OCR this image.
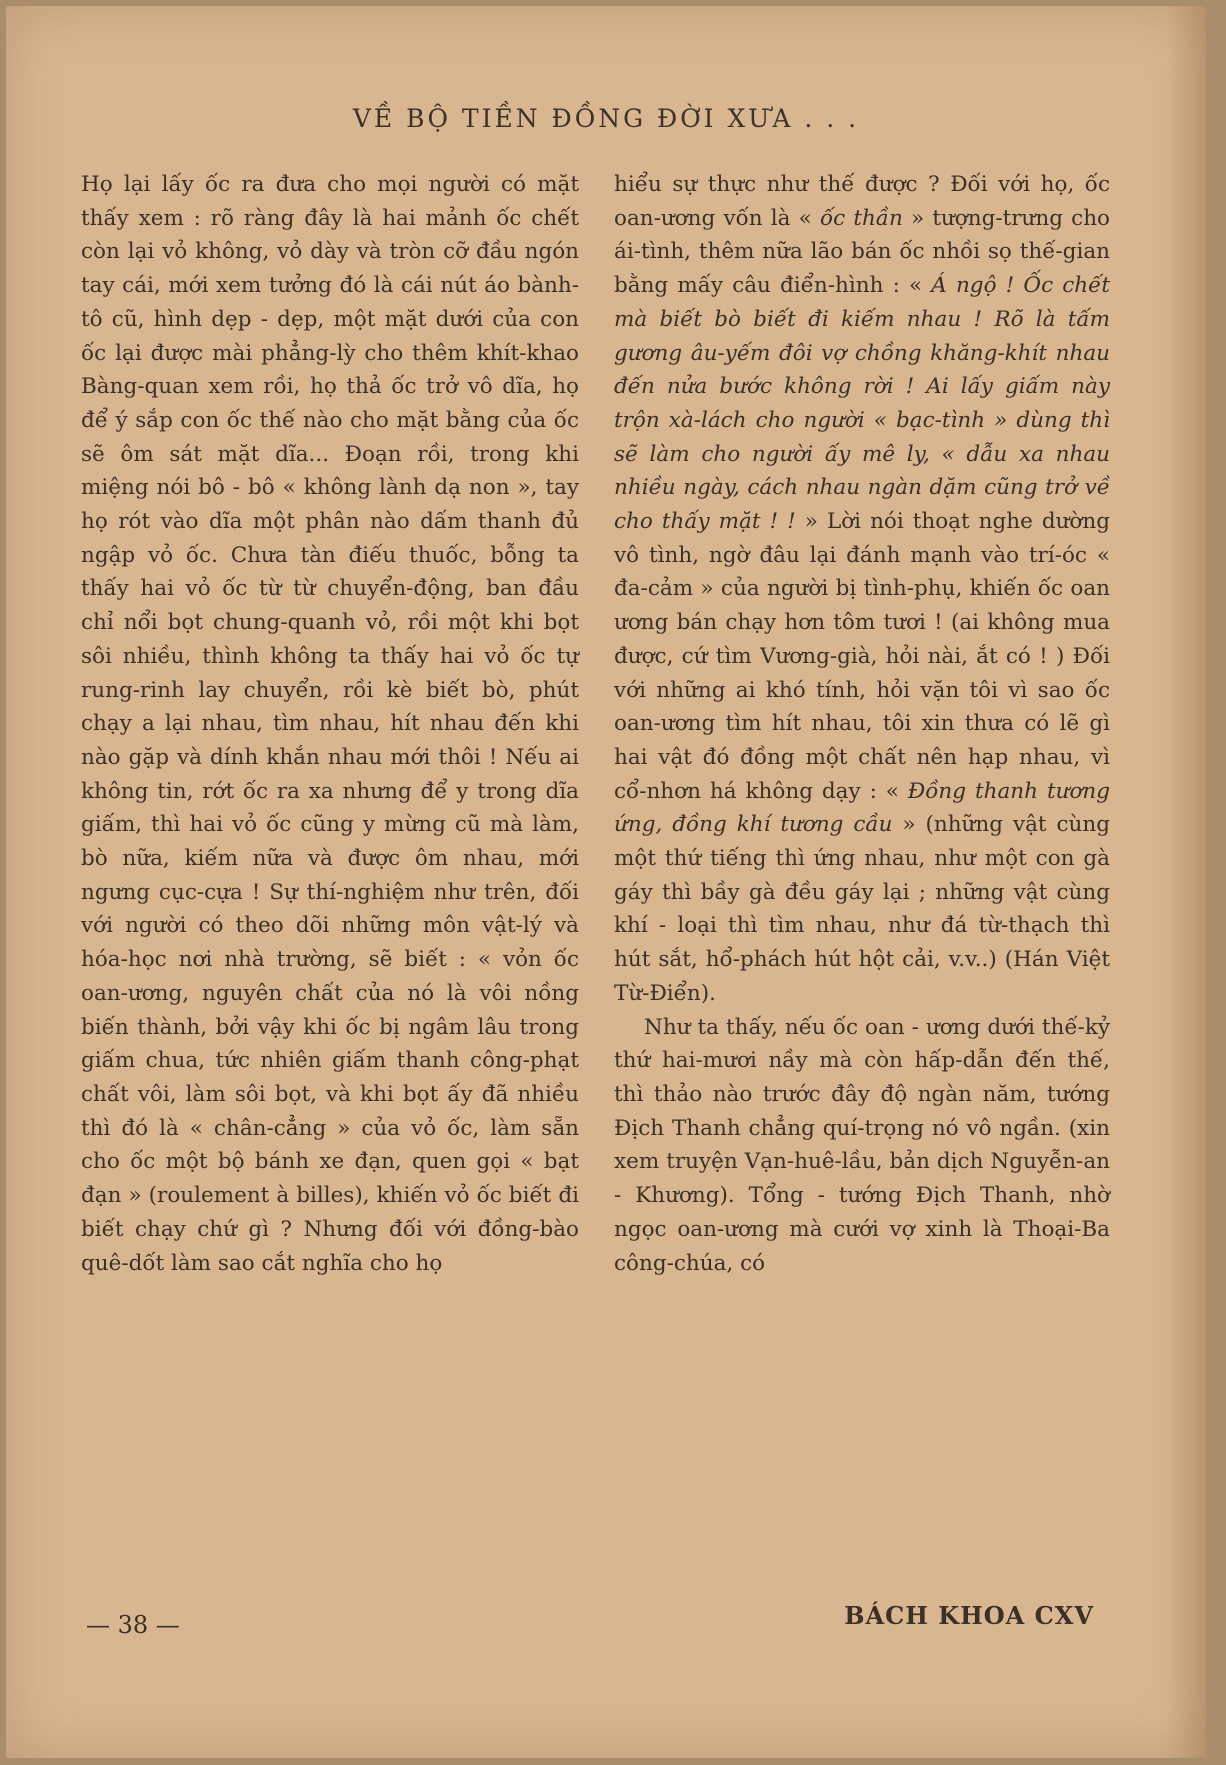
VỀ BỘ TIỀN ĐỒNG ĐỜI XƯA . . .

Họ lại lấy ốc ra đưa cho mọi người có mặt thấy xem : rõ ràng đây là hai mảnh ốc chết còn lại vỏ không, vỏ dày và tròn cỡ đầu ngón tay cái, mới xem tưởng đó là cái nút áo bành-tô cũ, hình dẹp - dẹp, một mặt dưới của con ốc lại được mài phẳng-lỳ cho thêm khít-khao Bàng-quan xem rồi, họ thả ốc trở vô dĩa, họ để ý sắp con ốc thế nào cho mặt bằng của ốc sẽ ôm sát mặt dĩa... Đoạn rồi, trong khi miệng nói bô - bô « không lành dạ non », tay họ rót vào dĩa một phân nào dấm thanh đủ ngập vỏ ốc. Chưa tàn điếu thuốc, bỗng ta thấy hai vỏ ốc từ từ chuyển-động, ban đầu chỉ nổi bọt chung-quanh vỏ, rồi một khi bọt sôi nhiều, thình không ta thấy hai vỏ ốc tự rung-rinh lay chuyển, rồi kè biết bò, phút chạy a lại nhau, tìm nhau, hít nhau đến khi nào gặp và dính khắn nhau mới thôi ! Nếu ai không tin, rớt ốc ra xa nhưng để y trong dĩa giấm, thì hai vỏ ốc cũng y mừng cũ mà làm, bò nữa, kiếm nữa và được ôm nhau, mới ngưng cục-cựa ! Sự thí-nghiệm như trên, đối với người có theo dõi những môn vật-lý và hóa-học nơi nhà trường, sẽ biết : « vỏn ốc oan-ương, nguyên chất của nó là vôi nồng biến thành, bởi vậy khi ốc bị ngâm lâu trong giấm chua, tức nhiên giấm thanh công-phạt chất vôi, làm sôi bọt, và khi bọt ấy đã nhiều thì đó là « chân-cẳng » của vỏ ốc, làm sẵn cho ốc một bộ bánh xe đạn, quen gọi « bạt đạn » (roulement à billes), khiến vỏ ốc biết đi biết chạy chứ gì ? Nhưng đối với đồng-bào quê-dốt làm sao cắt nghĩa cho họ

hiểu sự thực như thế được ? Đối với họ, ốc oan-ương vốn là « ốc thần » tượng-trưng cho ái-tình, thêm nữa lão bán ốc nhồi sọ thế-gian bằng mấy câu điển-hình : « Á ngộ ! Ốc chết mà biết bò biết đi kiếm nhau ! Rõ là tấm gương âu-yếm đôi vợ chồng khăng-khít nhau đến nửa bước không rời ! Ai lấy giấm này trộn xà-lách cho người « bạc-tình » dùng thì sẽ làm cho người ấy mê ly, « dẫu xa nhau nhiều ngày, cách nhau ngàn dặm cũng trở về cho thấy mặt ! ! » Lời nói thoạt nghe dường vô tình, ngờ đâu lại đánh mạnh vào trí-óc « đa-cảm » của người bị tình-phụ, khiến ốc oan ương bán chạy hơn tôm tươi ! (ai không mua được, cứ tìm Vương-già, hỏi nài, ắt có ! ) Đối với những ai khó tính, hỏi vặn tôi vì sao ốc oan-ương tìm hít nhau, tôi xin thưa có lẽ gì hai vật đó đồng một chất nên hạp nhau, vì cổ-nhơn há không dạy : « Đồng thanh tương ứng, đồng khí tương cầu » (những vật cùng một thứ tiếng thì ứng nhau, như một con gà gáy thì bầy gà đều gáy lại ; những vật cùng khí - loại thì tìm nhau, như đá từ-thạch thì hút sắt, hổ-phách hút hột cải, v.v..) (Hán Việt Từ-Điển).

Như ta thấy, nếu ốc oan - ương dưới thế-kỷ thứ hai-mươi nầy mà còn hấp-dẫn đến thế, thì thảo nào trước đây độ ngàn năm, tướng Địch Thanh chẳng quí-trọng nó vô ngần. (xin xem truyện Vạn-huê-lầu, bản dịch Nguyễn-an - Khương). Tổng - tướng Địch Thanh, nhờ ngọc oan-ương mà cưới vợ xinh là Thoại-Ba công-chúa, có

— 38 —	BÁCH KHOA CXV
